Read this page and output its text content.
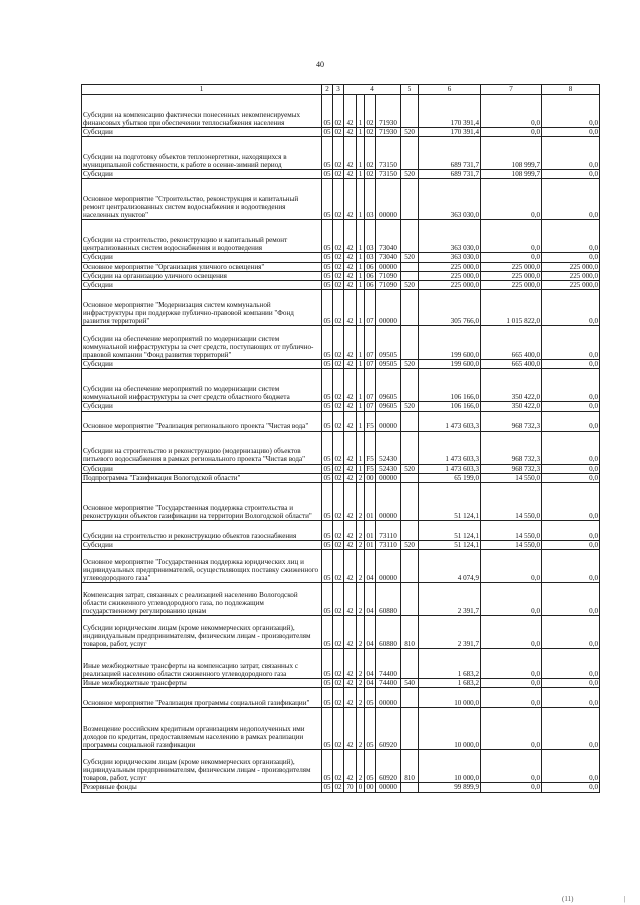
40
1	2	3	4				5	6	7	8
Субсидии на компенсацию фактически понесенных некомпенсируемых финансовых убытков при обеспечении теплоснабжения населения	05	02	42	1	02	71930		170 391,4	0,0	0,0
Субсидии	05	02	42	1	02	71930	520	170 391,4	0,0	0,0
Субсидии на подготовку объектов теплоэнергетики, находящихся в муниципальной собственности, к работе в осенне-зимний период	05	02	42	1	02	73150		689 731,7	108 999,7	0,0
Субсидии	05	02	42	1	02	73150	520	689 731,7	108 999,7	0,0
Основное мероприятие "Строительство, реконструкция и капитальный ремонт централизованных систем водоснабжения и водоотведения населенных пунктов"	05	02	42	1	03	00000		363 030,0	0,0	0,0
Субсидии на строительство, реконструкцию и капитальный ремонт централизованных систем водоснабжения и водоотведения	05	02	42	1	03	73040		363 030,0	0,0	0,0
Субсидии	05	02	42	1	03	73040	520	363 030,0	0,0	0,0
Основное мероприятие "Организация уличного освещения"	05	02	42	1	06	00000		225 000,0	225 000,0	225 000,0
Субсидии на организацию уличного освещения	05	02	42	1	06	71090		225 000,0	225 000,0	225 000,0
Субсидии	05	02	42	1	06	71090	520	225 000,0	225 000,0	225 000,0
Основное мероприятие "Модернизация систем коммунальной инфраструктуры при поддержке публично-правовой компании "Фонд развития территорий"	05	02	42	1	07	00000		305 766,0	1 015 822,0	0,0
Субсидии на обеспечение мероприятий по модернизации систем коммунальной инфраструктуры за счет средств, поступающих от публично-правовой компании "Фонд развития территорий"	05	02	42	1	07	09505		199 600,0	665 400,0	0,0
Субсидии	05	02	42	1	07	09505	520	199 600,0	665 400,0	0,0
Субсидии на обеспечение мероприятий по модернизации систем коммунальной инфраструктуры за счет средств областного бюджета	05	02	42	1	07	09605		106 166,0	350 422,0	0,0
Субсидии	05	02	42	1	07	09605	520	106 166,0	350 422,0	0,0
Основное мероприятие "Реализация регионального проекта "Чистая вода"	05	02	42	1	F5	00000		1 473 603,3	968 732,3	0,0
Субсидии на строительство и реконструкцию (модернизацию) объектов питьевого водоснабжения в рамках регионального проекта "Чистая вода"	05	02	42	1	F5	52430		1 473 603,3	968 732,3	0,0
Субсидии	05	02	42	1	F5	52430	520	1 473 603,3	968 732,3	0,0
Подпрограмма "Газификация Вологодской области"	05	02	42	2	00	00000		65 199,0	14 550,0	0,0
Основное мероприятие "Государственная поддержка строительства и реконструкции объектов газификации на территории Вологодской области"	05	02	42	2	01	00000		51 124,1	14 550,0	0,0
Субсидии на строительство и реконструкцию объектов газоснабжения	05	02	42	2	01	73110		51 124,1	14 550,0	0,0
Субсидии	05	02	42	2	01	73110	520	51 124,1	14 550,0	0,0
Основное мероприятие "Государственная поддержка юридических лиц и индивидуальных предпринимателей, осуществляющих поставку сжиженного углеводородного газа"	05	02	42	2	04	00000		4 074,9	0,0	0,0
Компенсация затрат, связанных с реализацией населению Вологодской области сжиженного углеводородного газа, по подлежащим государственному регулированию ценам	05	02	42	2	04	60880		2 391,7	0,0	0,0
Субсидии юридическим лицам (кроме некоммерческих организаций), индивидуальным предпринимателям, физическим лицам - производителям товаров, работ, услуг	05	02	42	2	04	60880	810	2 391,7	0,0	0,0
Иные межбюджетные трансферты на компенсацию затрат, связанных с реализацией населению области сжиженного углеводородного газа	05	02	42	2	04	74400		1 683,2	0,0	0,0
Иные межбюджетные трансферты	05	02	42	2	04	74400	540	1 683,2	0,0	0,0
Основное мероприятие "Реализация программы социальной газификации"	05	02	42	2	05	00000		10 000,0	0,0	0,0
Возмещение российским кредитным организациям недополученных ими доходов по кредитам, предоставляемым населению в рамках реализации программы социальной газификации	05	02	42	2	05	60920		10 000,0	0,0	0,0
Субсидии юридическим лицам (кроме некоммерческих организаций), индивидуальным предпринимателям, физическим лицам - производителям товаров, работ, услуг	05	02	42	2	05	60920	810	10 000,0	0,0	0,0
Резервные фонды	05	02	70	0	00	00000		99 899,9	0,0	0,0
(11)	|
